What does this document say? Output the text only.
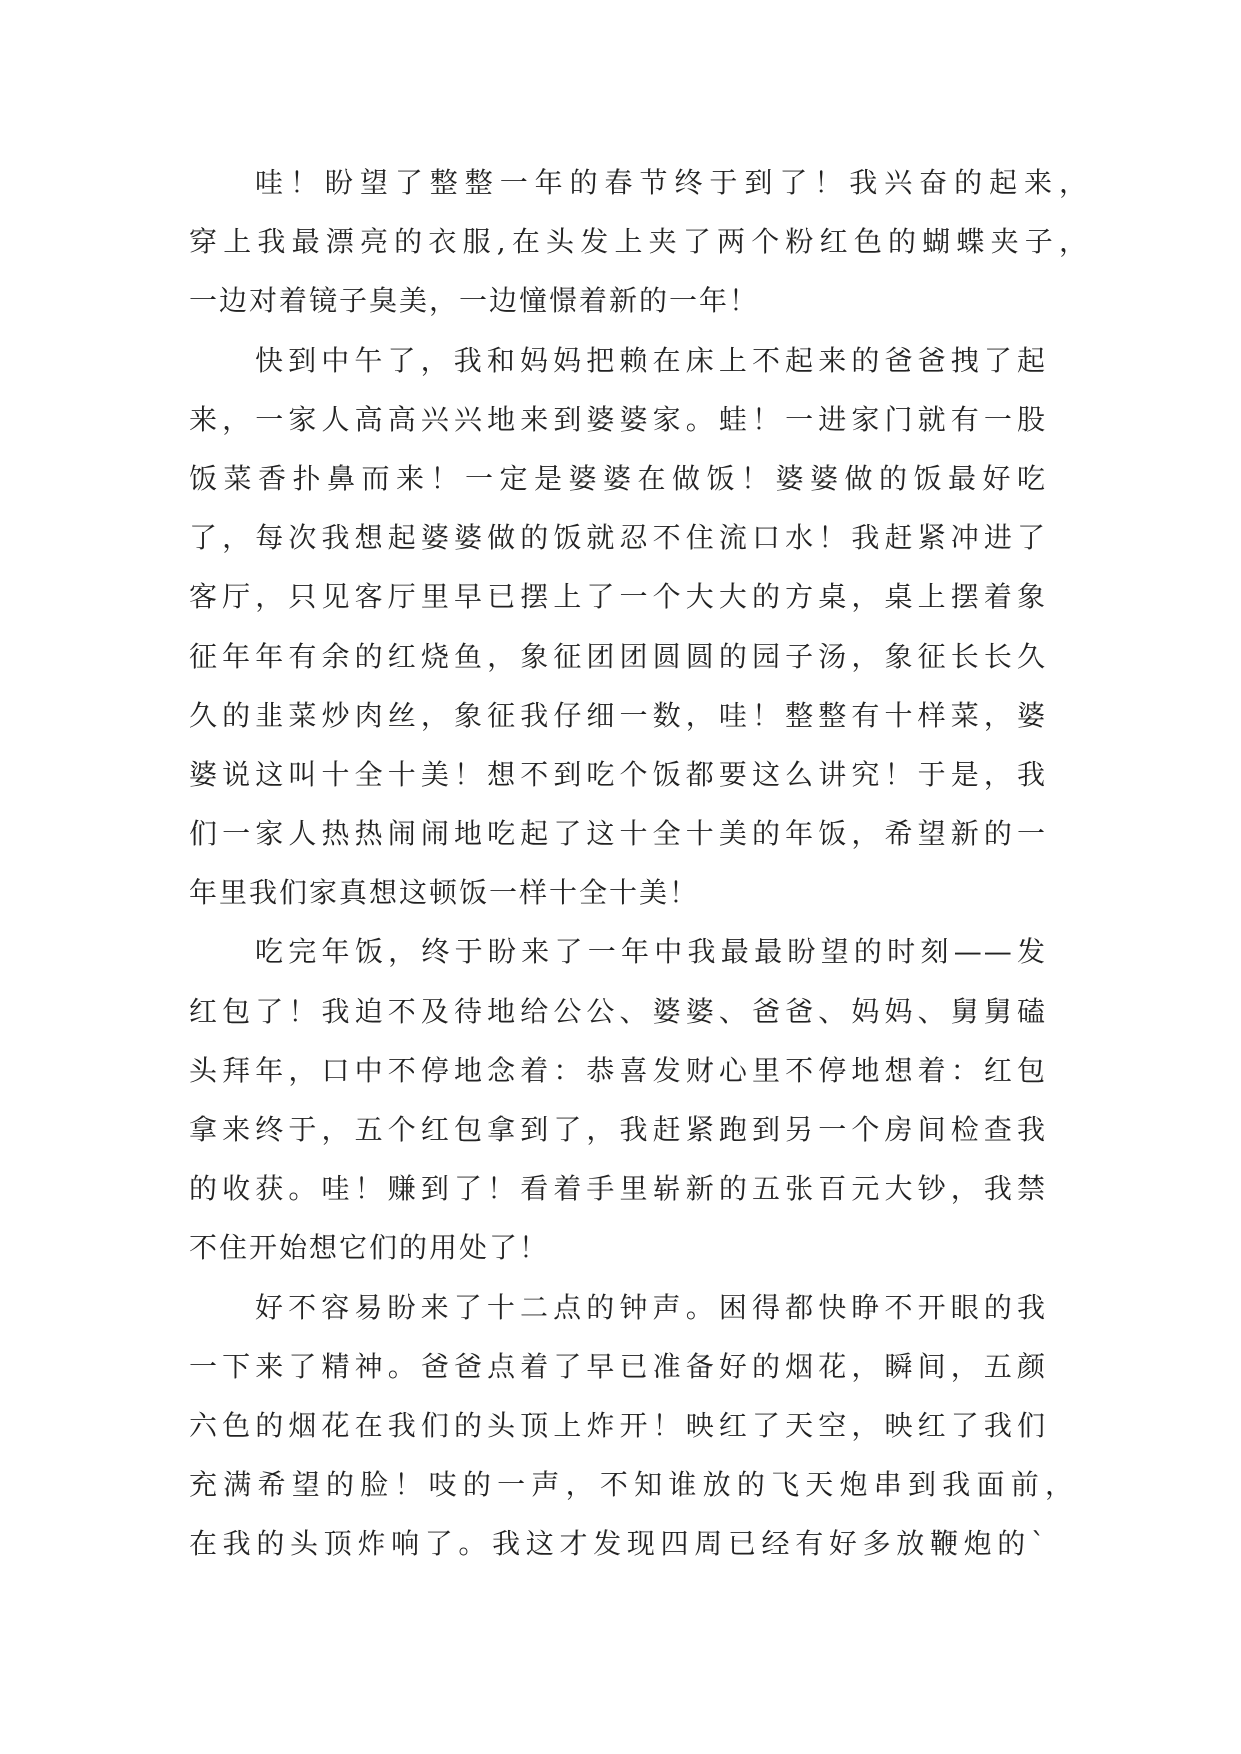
哇！盼望了整整一年的春节终于到了！我兴奋的起来，
穿上我最漂亮的衣服,在头发上夹了两个粉红色的蝴蝶夹子，
一边对着镜子臭美，一边憧憬着新的一年！
快到中午了，我和妈妈把赖在床上不起来的爸爸拽了起
来，一家人高高兴兴地来到婆婆家。蛙！一进家门就有一股
饭菜香扑鼻而来！一定是婆婆在做饭！婆婆做的饭最好吃
了，每次我想起婆婆做的饭就忍不住流口水！我赶紧冲进了
客厅，只见客厅里早已摆上了一个大大的方桌，桌上摆着象
征年年有余的红烧鱼，象征团团圆圆的园子汤，象征长长久
久的韭菜炒肉丝，象征我仔细一数，哇！整整有十样菜，婆
婆说这叫十全十美！想不到吃个饭都要这么讲究！于是，我
们一家人热热闹闹地吃起了这十全十美的年饭，希望新的一
年里我们家真想这顿饭一样十全十美！
吃完年饭，终于盼来了一年中我最最盼望的时刻——发
红包了！我迫不及待地给公公、婆婆、爸爸、妈妈、舅舅磕
头拜年，口中不停地念着：恭喜发财心里不停地想着：红包
拿来终于，五个红包拿到了，我赶紧跑到另一个房间检查我
的收获。哇！赚到了！看着手里崭新的五张百元大钞，我禁
不住开始想它们的用处了！
好不容易盼来了十二点的钟声。困得都快睁不开眼的我
一下来了精神。爸爸点着了早已准备好的烟花，瞬间，五颜
六色的烟花在我们的头顶上炸开！映红了天空，映红了我们
充满希望的脸！吱的一声，不知谁放的飞天炮串到我面前，
在我的头顶炸响了。我这才发现四周已经有好多放鞭炮的`
